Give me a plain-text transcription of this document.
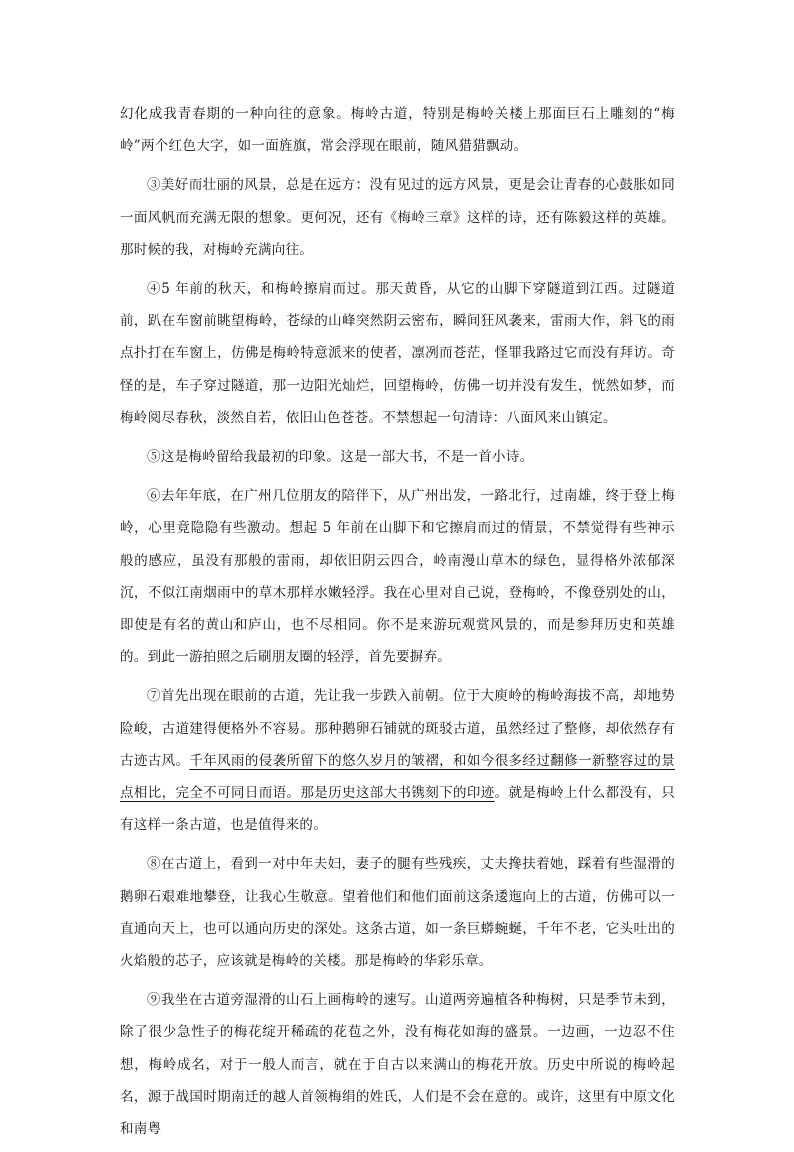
幻化成我青春期的一种向往的意象。梅岭古道，特别是梅岭关楼上那面巨石上雕刻的“梅岭”两个红色大字，如一面旌旗，常会浮现在眼前，随风猎猎飘动。

③美好而壮丽的风景，总是在远方：没有见过的远方风景，更是会让青春的心鼓胀如同一面风帆而充满无限的想象。更何况，还有《梅岭三章》这样的诗，还有陈毅这样的英雄。那时候的我，对梅岭充满向往。

④5 年前的秋天，和梅岭擦肩而过。那天黄昏，从它的山脚下穿隧道到江西。过隧道前，趴在车窗前眺望梅岭，苍绿的山峰突然阴云密布，瞬间狂风袭来，雷雨大作，斜飞的雨点扑打在车窗上，仿佛是梅岭特意派来的使者，凛冽而苍茫，怪罪我路过它而没有拜访。奇怪的是，车子穿过隧道，那一边阳光灿烂，回望梅岭，仿佛一切并没有发生，恍然如梦，而梅岭阅尽春秋，淡然自若，依旧山色苍苍。不禁想起一句清诗：八面风来山镇定。

⑤这是梅岭留给我最初的印象。这是一部大书，不是一首小诗。

⑥去年年底，在广州几位朋友的陪伴下，从广州出发，一路北行，过南雄，终于登上梅岭，心里竟隐隐有些激动。想起 5 年前在山脚下和它擦肩而过的情景，不禁觉得有些神示般的感应，虽没有那般的雷雨，却依旧阴云四合，岭南漫山草木的绿色，显得格外浓郁深沉，不似江南烟雨中的草木那样水嫩轻浮。我在心里对自己说，登梅岭，不像登别处的山，即使是有名的黄山和庐山，也不尽相同。你不是来游玩观赏风景的，而是参拜历史和英雄的。到此一游拍照之后刷朋友圈的轻浮，首先要摒弃。

⑦首先出现在眼前的古道，先让我一步跌入前朝。位于大庾岭的梅岭海拔不高，却地势险峻，古道建得便格外不容易。那种鹅卵石铺就的斑驳古道，虽然经过了整修，却依然存有古迹古风。千年风雨的侵袭所留下的悠久岁月的皱褶，和如今很多经过翻修一新整容过的景点相比，完全不可同日而语。那是历史这部大书镌刻下的印迹。就是梅岭上什么都没有，只有这样一条古道，也是值得来的。

⑧在古道上，看到一对中年夫妇，妻子的腿有些残疾，丈夫搀扶着她，踩着有些湿滑的鹅卵石艰难地攀登，让我心生敬意。望着他们和他们面前这条逶迤向上的古道，仿佛可以一直通向天上，也可以通向历史的深处。这条古道，如一条巨蟒蜿蜒，千年不老，它头吐出的火焰般的芯子，应该就是梅岭的关楼。那是梅岭的华彩乐章。

⑨我坐在古道旁湿滑的山石上画梅岭的速写。山道两旁遍植各种梅树，只是季节未到，除了很少急性子的梅花绽开稀疏的花苞之外，没有梅花如海的盛景。一边画，一边忍不住想，梅岭成名，对于一般人而言，就在于自古以来满山的梅花开放。历史中所说的梅岭起名，源于战国时期南迁的越人首领梅绢的姓氏，人们是不会在意的。或许，这里有中原文化和南粤
